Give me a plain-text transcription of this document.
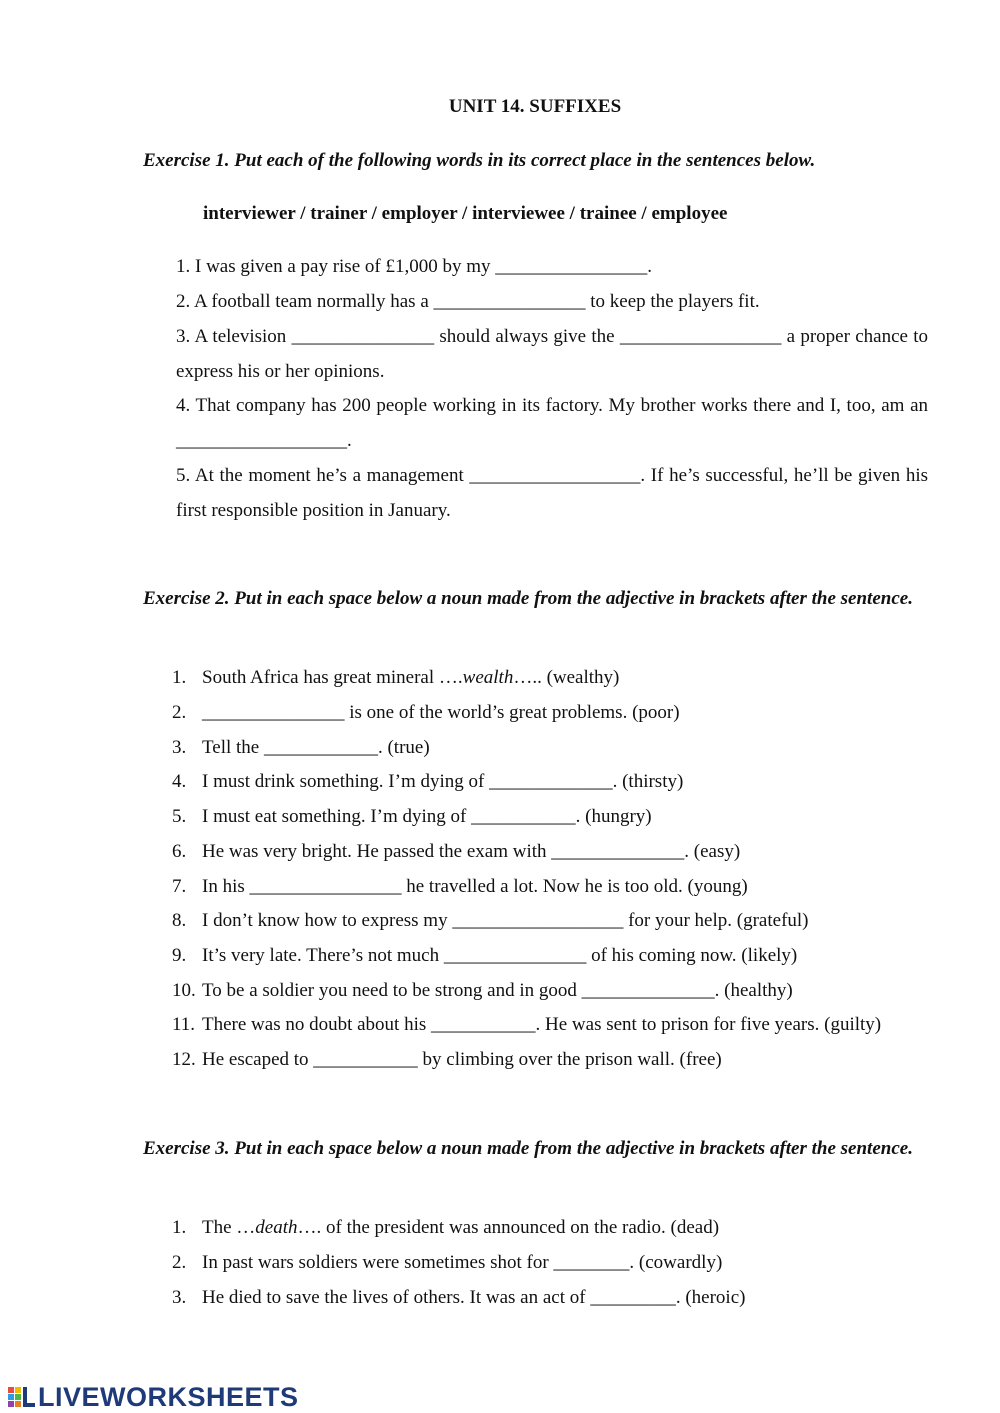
UNIT 14. SUFFIXES
Exercise 1. Put each of the following words in its correct place in the sentences below.
interviewer / trainer / employer / interviewee / trainee / employee
1. I was given a pay rise of £1,000 by my ________________.
2. A football team normally has a ________________ to keep the players fit.
3. A television _______________ should always give the _________________ a proper chance to express his or her opinions.
4. That company has 200 people working in its factory. My brother works there and I, too, am an __________________.
5. At the moment he’s a management __________________. If he’s successful, he’ll be given his first responsible position in January.
Exercise 2. Put in each space below a noun made from the adjective in brackets after the sentence.
1. South Africa has great mineral ….wealth….. (wealthy)
2. _______________ is one of the world’s great problems. (poor)
3. Tell the ____________. (true)
4. I must drink something. I’m dying of _____________. (thirsty)
5. I must eat something. I’m dying of ___________. (hungry)
6. He was very bright. He passed the exam with ______________. (easy)
7. In his ________________ he travelled a lot. Now he is too old. (young)
8. I don’t know how to express my __________________ for your help. (grateful)
9. It’s very late. There’s not much _______________ of his coming now. (likely)
10. To be a soldier you need to be strong and in good ______________. (healthy)
11. There was no doubt about his ___________. He was sent to prison for five years. (guilty)
12. He escaped to ___________ by climbing over the prison wall. (free)
Exercise 3. Put in each space below a noun made from the adjective in brackets after the sentence.
1. The …death…. of the president was announced on the radio. (dead)
2. In past wars soldiers were sometimes shot for ________. (cowardly)
3. He died to save the lives of others. It was an act of _________. (heroic)
LIVEWORKSHEETS
